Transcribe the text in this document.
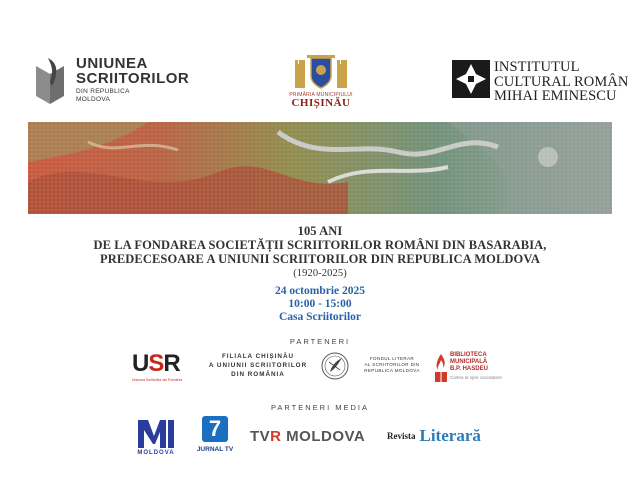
UNIUNEA
SCRIITORILOR
DIN REPUBLICA
MOLDOVA
PRIMĂRIA MUNICIPIULUI
CHIȘINĂU
INSTITUTUL
CULTURAL ROMÂN
MIHAI EMINESCU
105 ANI
DE LA FONDAREA SOCIETĂȚII SCRIITORILOR ROMÂNI DIN BASARABIA,
PREDECESOARE A UNIUNII SCRIITORILOR DIN REPUBLICA MOLDOVA
(1920-2025)
24 octombrie 2025
10:00 - 15:00
Casa Scriitorilor
PARTENERI
USR
Uniunea Scriitorilor din România
FILIALA CHIȘINĂU
A UNIUNII SCRIITORILOR
DIN ROMÂNIA
FONDUL LITERAR
AL SCRIITORILOR DIN
REPUBLICA MOLDOVA
BIBLIOTECA
MUNICIPALĂ
B.P. HASDEU
Cartea ta spre cunoaștere
PARTENERI MEDIA
MOLDOVA
7
JURNAL TV
TVR MOLDOVA	Revista Literară
